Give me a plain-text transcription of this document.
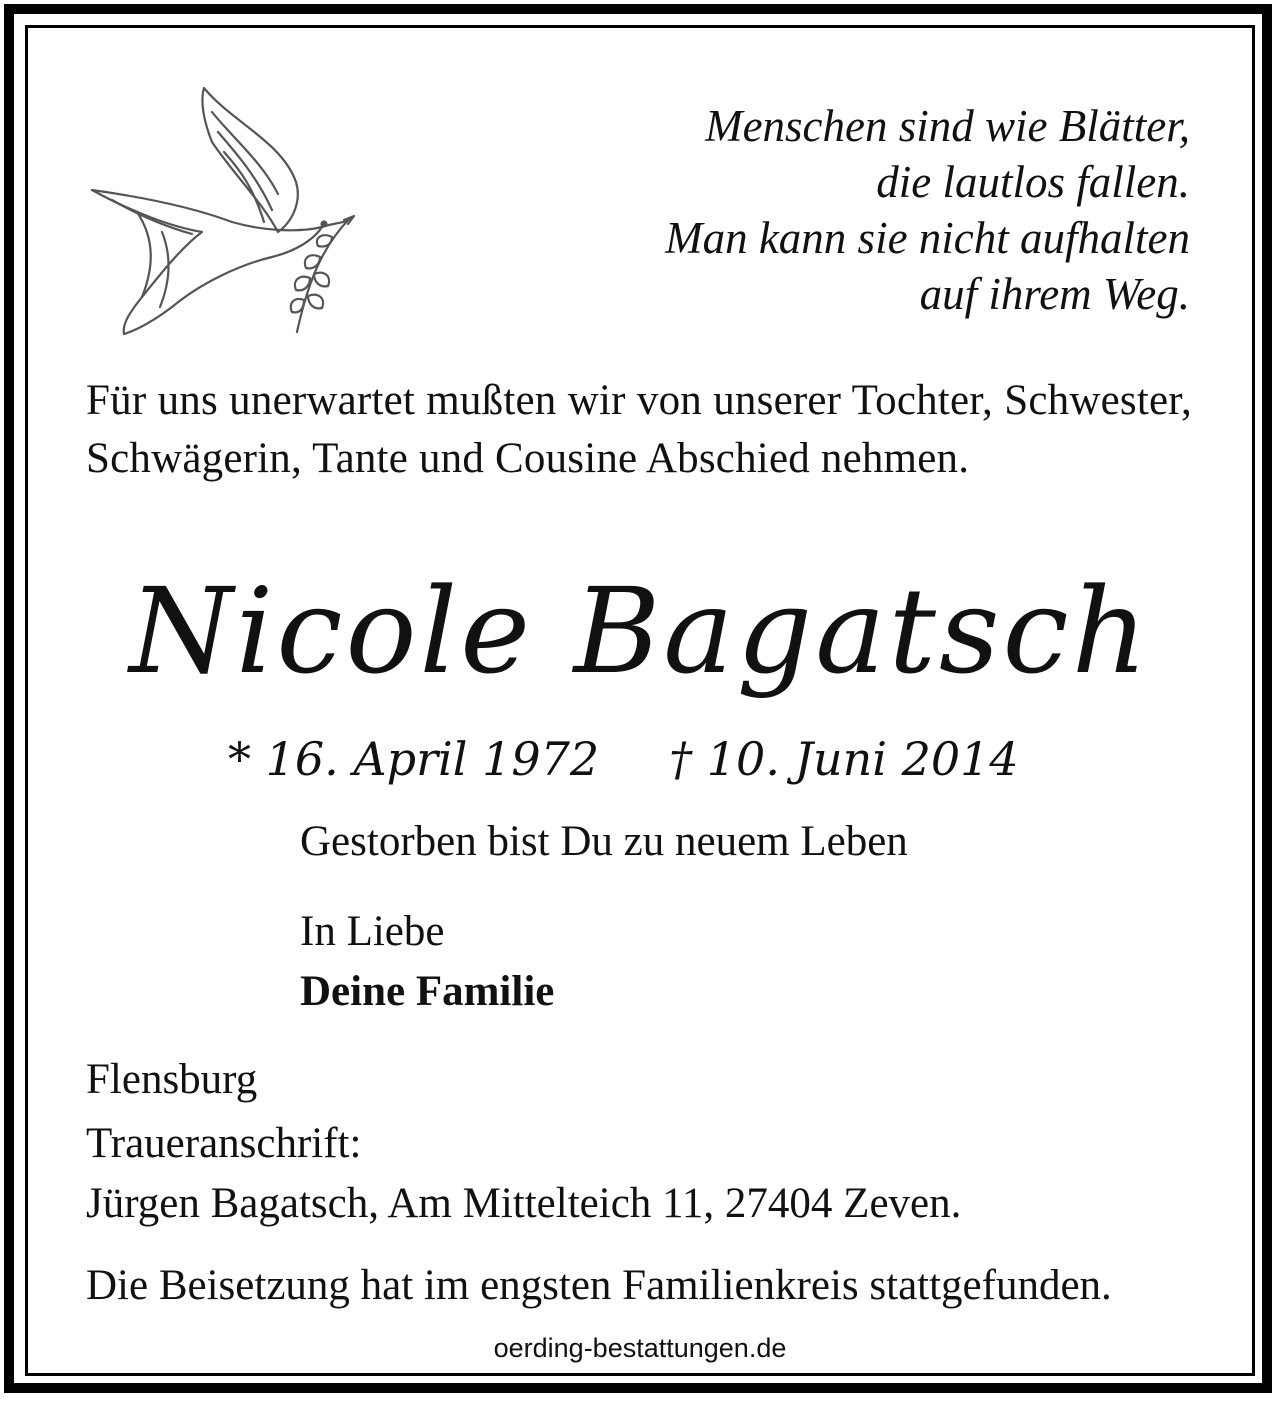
Menschen sind wie Blätter,
die lautlos fallen.
Man kann sie nicht aufhalten
auf ihrem Weg.
Für uns unerwartet mußten wir von unserer Tochter, Schwester, Schwägerin, Tante und Cousine Abschied nehmen.
Nicole Bagatsch
* 16. April 1972 † 10. Juni 2014
Gestorben bist Du zu neuem Leben
In Liebe
Deine Familie
Flensburg
Traueranschrift:
Jürgen Bagatsch, Am Mittelteich 11, 27404 Zeven.
Die Beisetzung hat im engsten Familienkreis stattgefunden.
oerding-bestattungen.de
